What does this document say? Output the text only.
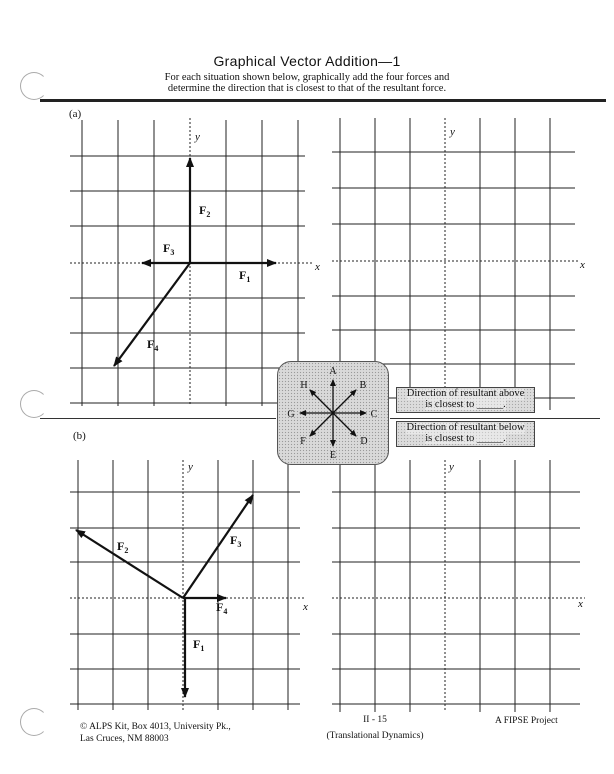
Graphical Vector Addition—1
For each situation shown below, graphically add the four forces and
determine the direction that is closest to that of the resultant force.
(a)
(b)
y
x
y
x
y
x
y
x
$F_2$
$F_3$
$F_1$
$F_4$
$F_2$
$F_3$
$F_4$
$F_1$
A
B
C
D
E
F
G
H
Direction of resultant above
is closest to _____.
Direction of resultant below
is closest to _____.
© ALPS Kit, Box 4013, University Pk.,
Las Cruces, NM 88003
II - 15
(Translational Dynamics)
A FIPSE Project
